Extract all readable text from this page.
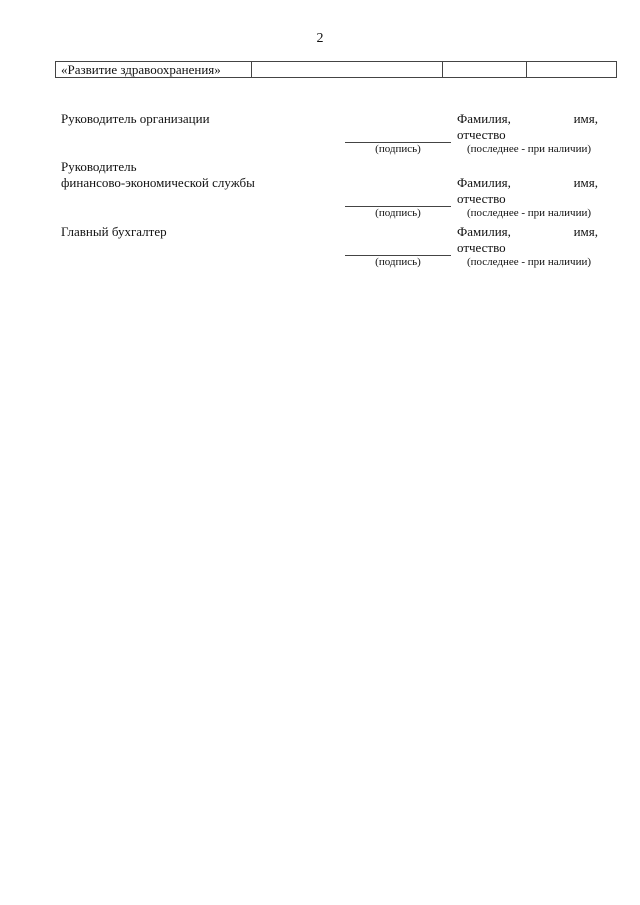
2
«Развитие здравоохранения»			
Руководитель организации
(подпись)
Фамилия,	имя,
отчество
(последнее - при наличии)
Руководитель
финансово-экономической службы
(подпись)
Фамилия,	имя,
отчество
(последнее - при наличии)
Главный бухгалтер
(подпись)
Фамилия,	имя,
отчество
(последнее - при наличии)
